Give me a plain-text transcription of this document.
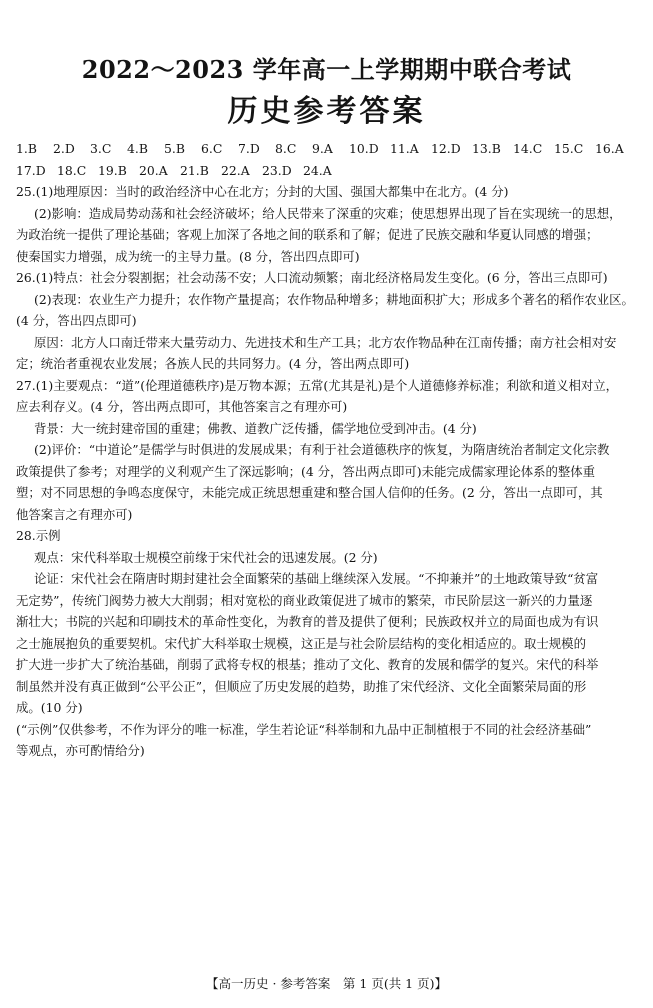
2022～2023 学年高一上学期期中联合考试
历史参考答案
1.B	2.D	3.C	4.B	5.B	6.C	7.D	8.C	9.A	10.D 11.A 12.D 13.B 14.C 15.C 16.A
17.D 18.C 19.B 20.A 21.B 22.A 23.D 24.A
25.(1)地理原因：当时的政治经济中心在北方；分封的大国、强国大都集中在北方。(4 分)
(2)影响：造成局势动荡和社会经济破坏；给人民带来了深重的灾难；使思想界出现了旨在实现统一的思想，
为政治统一提供了理论基础；客观上加深了各地之间的联系和了解；促进了民族交融和华夏认同感的增强；
使秦国实力增强，成为统一的主导力量。(8 分，答出四点即可)
26.(1)特点：社会分裂割据；社会动荡不安；人口流动频繁；南北经济格局发生变化。(6 分，答出三点即可)
(2)表现：农业生产力提升；农作物产量提高；农作物品种增多；耕地面积扩大；形成多个著名的稻作农业区。
(4 分，答出四点即可)
原因：北方人口南迁带来大量劳动力、先进技术和生产工具；北方农作物品种在江南传播；南方社会相对安
定；统治者重视农业发展；各族人民的共同努力。(4 分，答出两点即可)
27.(1)主要观点：“道”(伦理道德秩序)是万物本源；五常(尤其是礼)是个人道德修养标准；利欲和道义相对立，
应去利存义。(4 分，答出两点即可，其他答案言之有理亦可)
背景：大一统封建帝国的重建；佛教、道教广泛传播，儒学地位受到冲击。(4 分)
(2)评价：“中道论”是儒学与时俱进的发展成果；有利于社会道德秩序的恢复，为隋唐统治者制定文化宗教
政策提供了参考；对理学的义利观产生了深远影响；(4 分，答出两点即可)未能完成儒家理论体系的整体重
塑；对不同思想的争鸣态度保守，未能完成正统思想重建和整合国人信仰的任务。(2 分，答出一点即可，其
他答案言之有理亦可)
28.示例
观点：宋代科举取士规模空前缘于宋代社会的迅速发展。(2 分)
论证：宋代社会在隋唐时期封建社会全面繁荣的基础上继续深入发展。“不抑兼并”的土地政策导致“贫富
无定势”，传统门阀势力被大大削弱；相对宽松的商业政策促进了城市的繁荣，市民阶层这一新兴的力量逐
渐壮大；书院的兴起和印刷技术的革命性变化，为教育的普及提供了便利；民族政权并立的局面也成为有识
之士施展抱负的重要契机。宋代扩大科举取士规模，这正是与社会阶层结构的变化相适应的。取士规模的
扩大进一步扩大了统治基础，削弱了武将专权的根基；推动了文化、教育的发展和儒学的复兴。宋代的科举
制虽然并没有真正做到“公平公正”，但顺应了历史发展的趋势，助推了宋代经济、文化全面繁荣局面的形
成。(10 分)
(“示例”仅供参考，不作为评分的唯一标准，学生若论证“科举制和九品中正制植根于不同的社会经济基础”
等观点，亦可酌情给分)
【高一历史 · 参考答案　第 1 页(共 1 页)】
